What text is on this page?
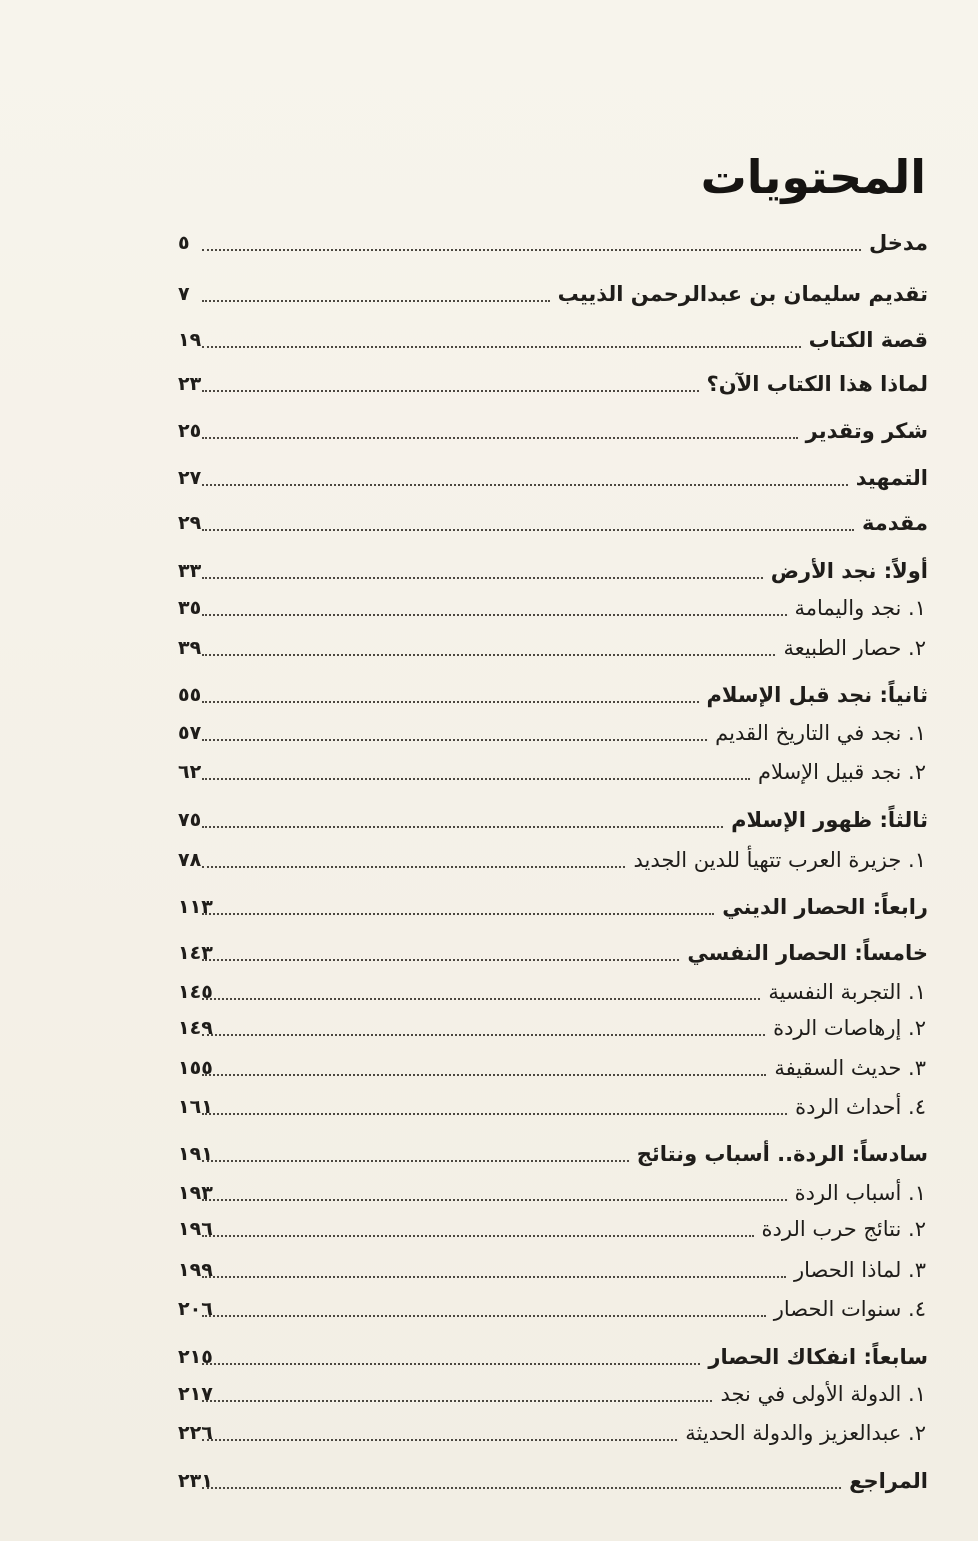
المحتويات
مدخل
تقديم سليمان بن عبدالرحمن الذييب
قصة الكتاب
لماذا هذا الكتاب الآن؟
شكر وتقدير
التمهيد
مقدمة
أولاً: نجد الأرض
١. نجد واليمامة
٢. حصار الطبيعة
ثانياً: نجد قبل الإسلام
١. نجد في التاريخ القديم
٢. نجد قبيل الإسلام
ثالثاً: ظهور الإسلام
١. جزيرة العرب تتهيأ للدين الجديد
رابعاً: الحصار الديني
خامساً: الحصار النفسي
١. التجربة النفسية
٢. إرهاصات الردة
٣. حديث السقيفة
٤. أحداث الردة
سادساً: الردة.. أسباب ونتائج
١. أسباب الردة
٢. نتائج حرب الردة
٣. لماذا الحصار
٤. سنوات الحصار
سابعاً: انفكاك الحصار
١. الدولة الأولى في نجد
٢. عبدالعزيز والدولة الحديثة
المراجع
٥
٧
١٩
٢٣
٢٥
٢٧
٢٩
٣٣
٣٥
٣٩
٥٥
٥٧
٦٢
٧٥
٧٨
١١٣
١٤٣
١٤٥
١٤٩
١٥٥
١٦١
١٩١
١٩٣
١٩٦
١٩٩
٢٠٦
٢١٥
٢١٧
٢٢٦
٢٣١
